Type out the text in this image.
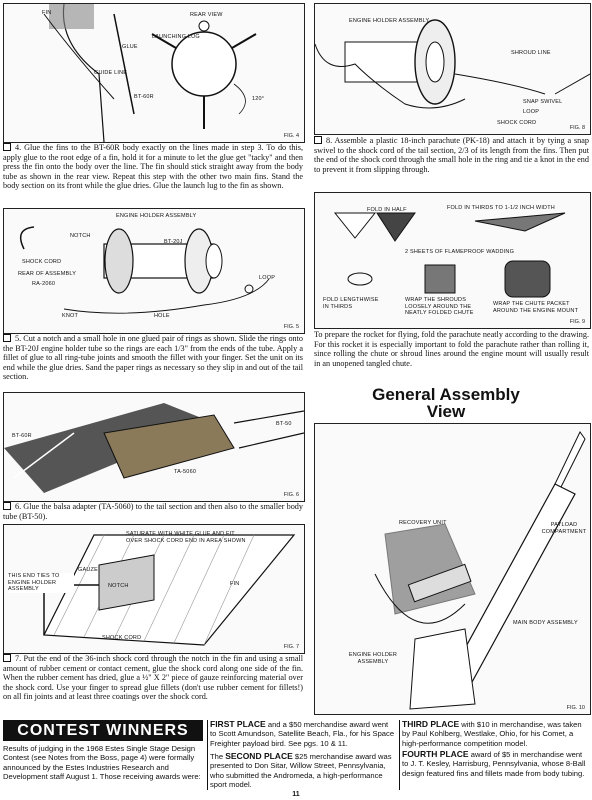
FIN	REAR VIEW
LAUNCHING LUG
GLUE
GUIDE LINE
BT-60R	120°
FIG. 4
4. Glue the fins to the BT-60R body exactly on the lines made in step 3. To do this, apply glue to the root edge of a fin, hold it for a minute to let the glue get "tacky" and then press the fin onto the body over the line. The fin should stick straight away from the body tube as shown in the rear view. Repeat this step with the other two main fins. Stand the body section on its front while the glue dries. Glue the launch lug to the fin as shown.
ENGINE HOLDER ASSEMBLY
NOTCH
BT-20J
SHOCK CORD
REAR OF ASSEMBLY
RA-2060
KNOT	HOLE
LOOP
FIG. 5
5. Cut a notch and a small hole in one glued pair of rings as shown. Slide the rings onto the BT-20J engine holder tube so the rings are each 1/3" from the ends of the tube. Apply a fillet of glue to all ring-tube joints and smooth the fillet with your finger. Set the unit on its end while the glue dries. Sand the paper rings as necessary so they slip in and out of the tail section.
BT-60R
BT-50
TA-5060
FIG. 6
6. Glue the balsa adapter (TA-5060) to the tail section and then also to the smaller body tube (BT-50).
SATURATE WITH WHITE GLUE AND FIT OVER SHOCK CORD END IN AREA SHOWN
GAUZE
THIS END TIES TO ENGINE HOLDER ASSEMBLY	NOTCH	FIN
SHOCK CORD
FIG. 7
7. Put the end of the 36-inch shock cord through the notch in the fin and using a small amount of rubber cement or contact cement, glue the shock cord along one side of the fin. When the rubber cement has dried, glue a ½" X 2" piece of gauze reinforcing material over the shock cord. Use your finger to spread glue fillets (don't use rubber cement for fillets!) on all fin joints and at least three coatings over the shock cord.
ENGINE HOLDER ASSEMBLY
SHROUD LINE
SNAP SWIVEL
LOOP
SHOCK CORD
FIG. 8
8. Assemble a plastic 18-inch parachute (PK-18) and attach it by tying a snap swivel to the shock cord of the tail section, 2/3 of its length from the fins. Then put the end of the shock cord through the small hole in the ring and tie a knot in the end to prevent it from slipping through.
FOLD IN HALF	FOLD IN THIRDS TO 1-1/2 INCH WIDTH
2 SHEETS OF FLAMEPROOF WADDING
FOLD LENGTHWISE IN THIRDS
WRAP THE SHROUDS LOOSELY AROUND THE NEATLY FOLDED CHUTE
WRAP THE CHUTE PACKET AROUND THE ENGINE MOUNT
FIG. 9
To prepare the rocket for flying, fold the parachute neatly according to the drawing. For this rocket it is especially important to fold the parachute rather than rolling it, since rolling the chute or shroud lines around the engine mount will usually result in an unopened tangled chute.
General Assembly View
RECOVERY UNIT	PAYLOAD COMPARTMENT
MAIN BODY ASSEMBLY
ENGINE HOLDER ASSEMBLY
FIG. 10
CONTEST WINNERS
Results of judging in the 1968 Estes Single Stage Design Contest (see Notes from the Boss, page 4) were formally announced by the Estes Industries Research and Development staff August 1. Those receiving awards were:
FIRST PLACE and a $50 merchandise award went to Scott Amundson, Satellite Beach, Fla., for his Space Freighter payload bird. See pgs. 10 & 11.
The SECOND PLACE $25 merchandise award was presented to Don Sitar, Willow Street, Pennsylvania, who submitted the Andromeda, a high-performance sport model.
THIRD PLACE with $10 in merchandise, was taken by Paul Kohlberg, Westlake, Ohio, for his Comet, a high-performance competition model.
FOURTH PLACE award of $5 in merchandise went to J. T. Kesley, Harrisburg, Pennsylvania, whose 8-Ball design featured fins and fillets made from body tubing.
11
